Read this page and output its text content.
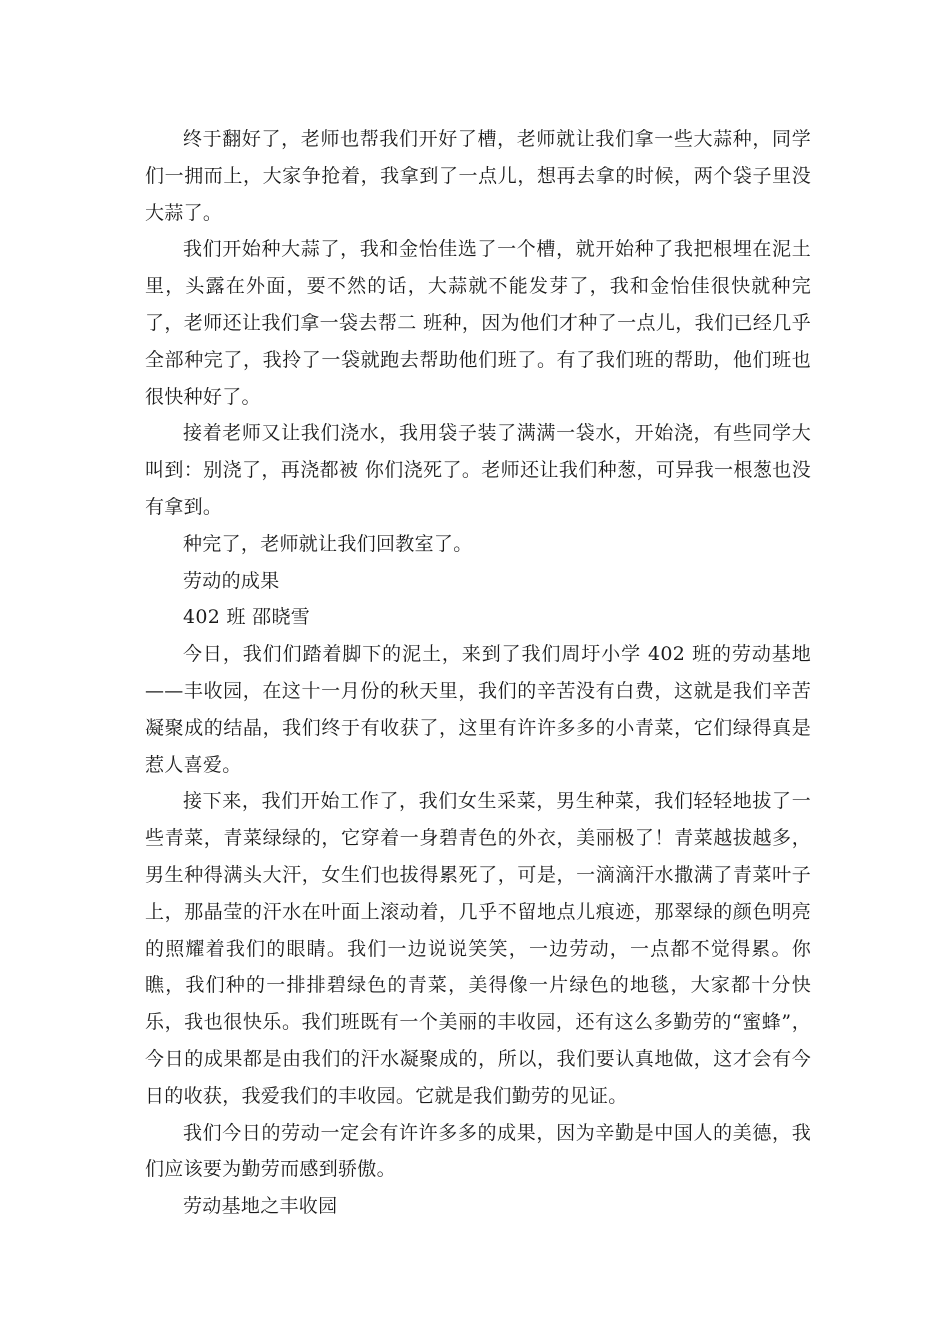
终于翻好了，老师也帮我们开好了槽，老师就让我们拿一些大蒜种，同学们一拥而上，大家争抢着，我拿到了一点儿，想再去拿的时候，两个袋子里没大蒜了。

我们开始种大蒜了，我和金怡佳选了一个槽，就开始种了我把根埋在泥土里，头露在外面，要不然的话，大蒜就不能发芽了，我和金怡佳很快就种完了，老师还让我们拿一袋去帮二 班种，因为他们才种了一点儿，我们已经几乎全部种完了，我拎了一袋就跑去帮助他们班了。有了我们班的帮助，他们班也很快种好了。

接着老师又让我们浇水，我用袋子装了满满一袋水，开始浇，有些同学大叫到：别浇了，再浇都被 你们浇死了。老师还让我们种葱，可异我一根葱也没有拿到。

种完了，老师就让我们回教室了。

劳动的成果

402 班 邵晓雪

今日，我们们踏着脚下的泥土，来到了我们周圩小学 402 班的劳动基地——丰收园，在这十一月份的秋天里，我们的辛苦没有白费，这就是我们辛苦凝聚成的结晶，我们终于有收获了，这里有许许多多的小青菜，它们绿得真是惹人喜爱。

接下来，我们开始工作了，我们女生采菜，男生种菜，我们轻轻地拔了一些青菜，青菜绿绿的，它穿着一身碧青色的外衣，美丽极了！青菜越拔越多，男生种得满头大汗，女生们也拔得累死了，可是，一滴滴汗水撒满了青菜叶子上，那晶莹的汗水在叶面上滚动着，几乎不留地点儿痕迹，那翠绿的颜色明亮的照耀着我们的眼睛。我们一边说说笑笑，一边劳动，一点都不觉得累。你瞧，我们种的一排排碧绿色的青菜，美得像一片绿色的地毯，大家都十分快乐，我也很快乐。我们班既有一个美丽的丰收园，还有这么多勤劳的“蜜蜂”，今日的成果都是由我们的汗水凝聚成的，所以，我们要认真地做，这才会有今日的收获，我爱我们的丰收园。它就是我们勤劳的见证。

我们今日的劳动一定会有许许多多的成果，因为辛勤是中国人的美德，我们应该要为勤劳而感到骄傲。

劳动基地之丰收园
